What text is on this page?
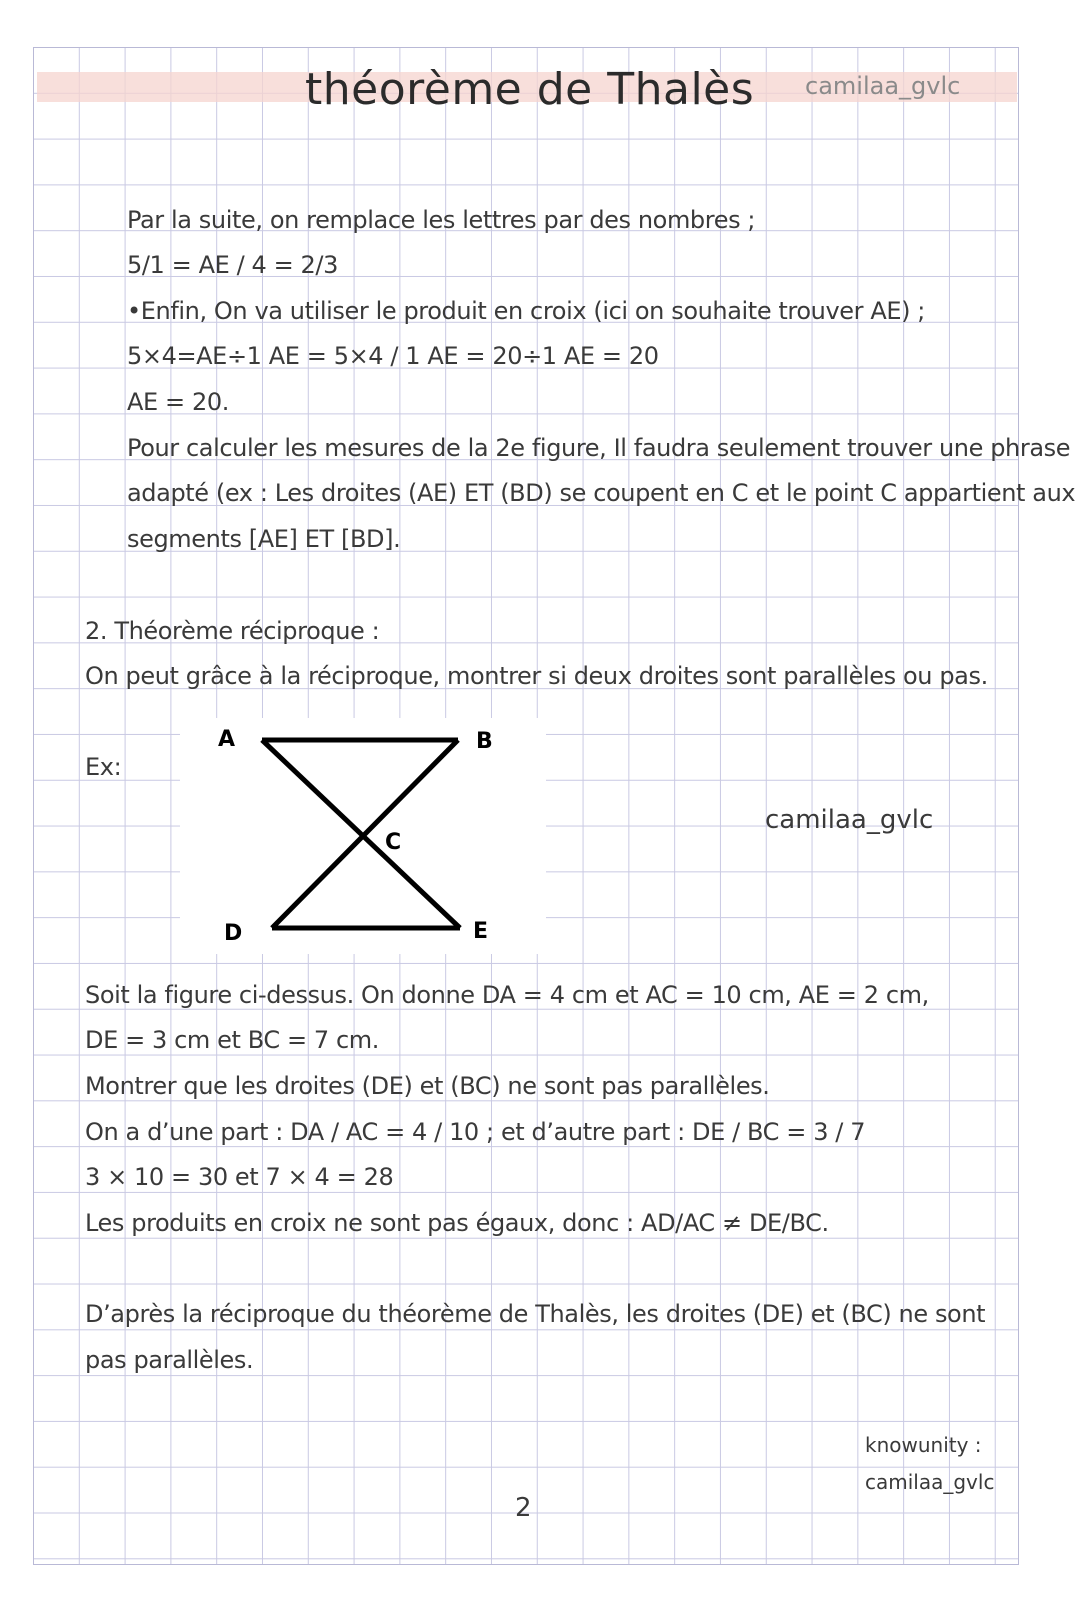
théorème de Thalès camilaa_gvlc
Par la suite, on remplace les lettres par des nombres ;
5/1 = AE / 4 = 2/3
•Enfin, On va utiliser le produit en croix (ici on souhaite trouver AE) ;
5×4=AE÷1 AE = 5×4 / 1 AE = 20÷1 AE = 20
AE = 20.
Pour calculer les mesures de la 2e figure, Il faudra seulement trouver une phrase
adapté (ex : Les droites (AE) ET (BD) se coupent en C et le point C appartient aux
segments [AE] ET [BD].
2. Théorème réciproque :
On peut grâce à la réciproque, montrer si deux droites sont parallèles ou pas.
Ex:
A	B
C
D	E
camilaa_gvlc
Soit la figure ci-dessus. On donne DA = 4 cm et AC = 10 cm, AE = 2 cm,
DE = 3 cm et BC = 7 cm.
Montrer que les droites (DE) et (BC) ne sont pas parallèles.
On a d’une part : DA / AC = 4 / 10 ; et d’autre part : DE / BC = 3 / 7
3 × 10 = 30 et 7 × 4 = 28
Les produits en croix ne sont pas égaux, donc : AD/AC ≠ DE/BC.
D’après la réciproque du théorème de Thalès, les droites (DE) et (BC) ne sont
pas parallèles.
knowunity :
camilaa_gvlc
2
